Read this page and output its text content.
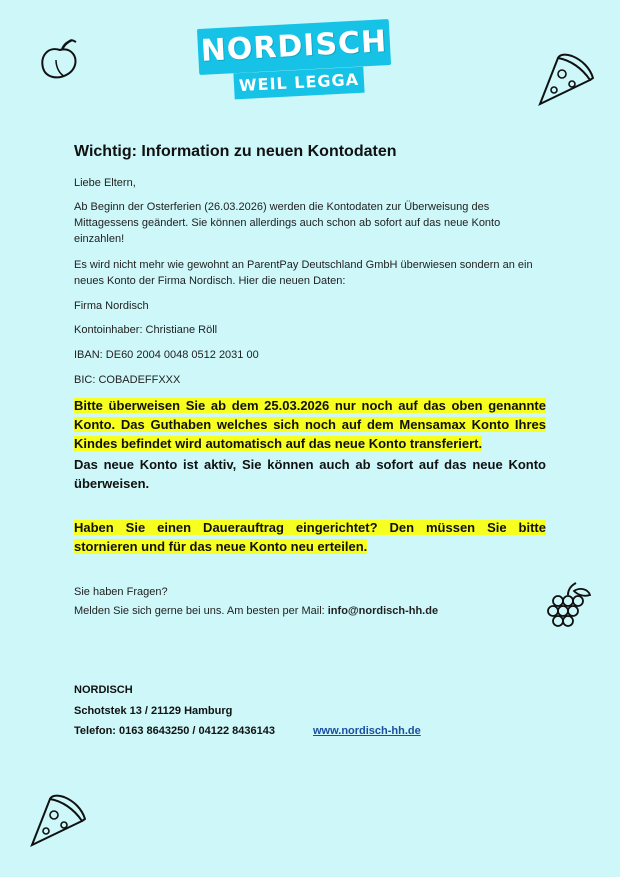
NORDISCH
WEIL LEGGA
Wichtig: Information zu neuen Kontodaten

Liebe Eltern,

Ab Beginn der Osterferien (26.03.2026) werden die Kontodaten zur Überweisung des Mittagessens geändert. Sie können allerdings auch schon ab sofort auf das neue Konto einzahlen!

Es wird nicht mehr wie gewohnt an ParentPay Deutschland GmbH überwiesen sondern an ein neues Konto der Firma Nordisch. Hier die neuen Daten:

Firma Nordisch

Kontoinhaber: Christiane Röll

IBAN: DE60 2004 0048 0512 2031 00

BIC: COBADEFFXXX

Bitte überweisen Sie ab dem 25.03.2026 nur noch auf das oben genannte Konto. Das Guthaben welches sich noch auf dem Mensamax Konto Ihres Kindes befindet wird automatisch auf das neue Konto transferiert.

Das neue Konto ist aktiv, Sie können auch ab sofort auf das neue Konto überweisen.

Haben Sie einen Dauerauftrag eingerichtet? Den müssen Sie bitte stornieren und für das neue Konto neu erteilen.

Sie haben Fragen?

Melden Sie sich gerne bei uns. Am besten per Mail: info@nordisch-hh.de

NORDISCH
Schotstek 13 / 21129 Hamburg
Telefon: 0163 8643250 / 04122 8436143	www.nordisch-hh.de
